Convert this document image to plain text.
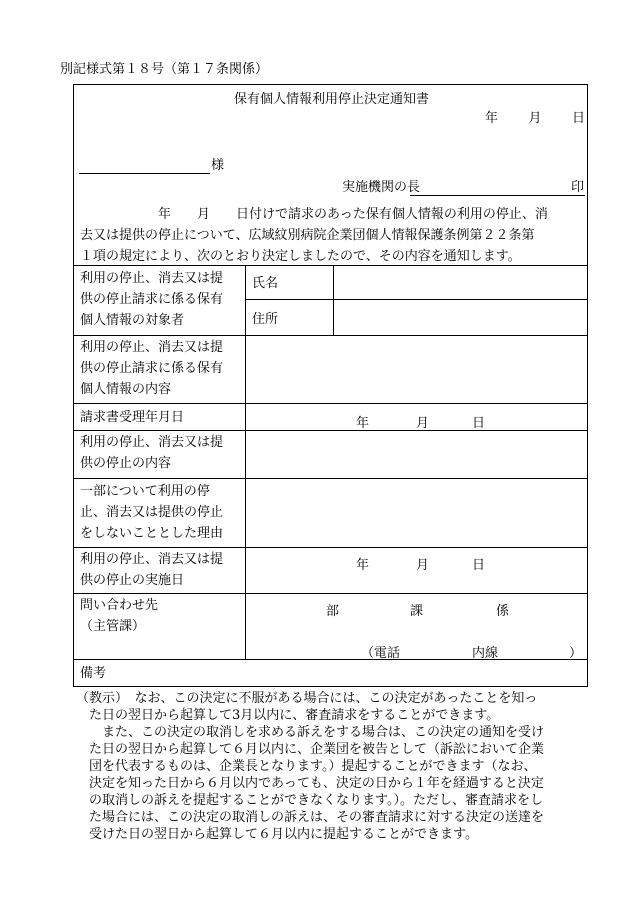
別記様式第１８号（第１７条関係）
保有個人情報利用停止決定通知書
年 月 日
様
実施機関の長	印
年　　月　　日付けで請求のあった保有個人情報の利用の停止、消
去又は提供の停止について、広域紋別病院企業団個人情報保護条例第２２条第
１項の規定により、次のとおり決定しましたので、その内容を通知します。
利用の停止、消去又は提
供の停止請求に係る保有
個人情報の対象者
氏名
住所
利用の停止、消去又は提
供の停止請求に係る保有
個人情報の内容
請求書受理年月日	年	月	日
利用の停止、消去又は提
供の停止の内容
一部について利用の停
止、消去又は提供の停止
をしないこととした理由
利用の停止、消去又は提
供の停止の実施日
年	月	日
問い合わせ先
（主管課）
部	課	係
（電話	内線	）
備考
（教示）　なお、この決定に不服がある場合には、この決定があったことを知っ
　た日の翌日から起算して3月以内に、審査請求をすることができます。
　　また、この決定の取消しを求める訴えをする場合は、この決定の通知を受け
　た日の翌日から起算して６月以内に、企業団を被告として（訴訟において企業
　団を代表するものは、企業長となります。）提起することができます（なお、
　決定を知った日から６月以内であっても、決定の日から１年を経過すると決定
　の取消しの訴えを提起することができなくなります。）。ただし、審査請求をし
　た場合には、この決定の取消しの訴えは、その審査請求に対する決定の送達を
　受けた日の翌日から起算して６月以内に提起することができます。
